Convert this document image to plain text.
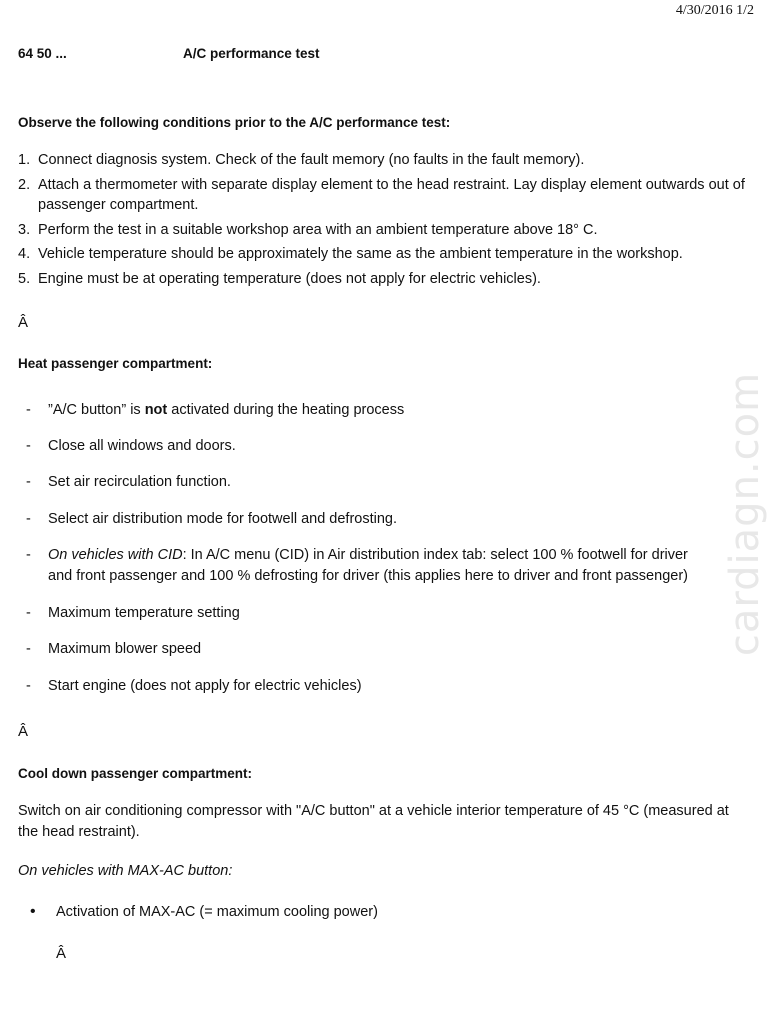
4/30/2016 1/2
64 50 ...	A/C performance test
Observe the following conditions prior to the A/C performance test:
1. Connect diagnosis system. Check of the fault memory (no faults in the fault memory).
2. Attach a thermometer with separate display element to the head restraint. Lay display element outwards out of passenger compartment.
3. Perform the test in a suitable workshop area with an ambient temperature above 18° C.
4. Vehicle temperature should be approximately the same as the ambient temperature in the workshop.
5. Engine must be at operating temperature (does not apply for electric vehicles).
Â
Heat passenger compartment:
- ”A/C button” is not activated during the heating process
- Close all windows and doors.
- Set air recirculation function.
- Select air distribution mode for footwell and defrosting.
- On vehicles with CID: In A/C menu (CID) in Air distribution index tab: select 100 % footwell for driver and front passenger and 100 % defrosting for driver (this applies here to driver and front passenger)
- Maximum temperature setting
- Maximum blower speed
- Start engine (does not apply for electric vehicles)
Â
Cool down passenger compartment:
Switch on air conditioning compressor with "A/C button" at a vehicle interior temperature of 45 °C (measured at the head restraint).
On vehicles with MAX-AC button:
• Activation of MAX-AC (= maximum cooling power)
Â
cardiagn.com
